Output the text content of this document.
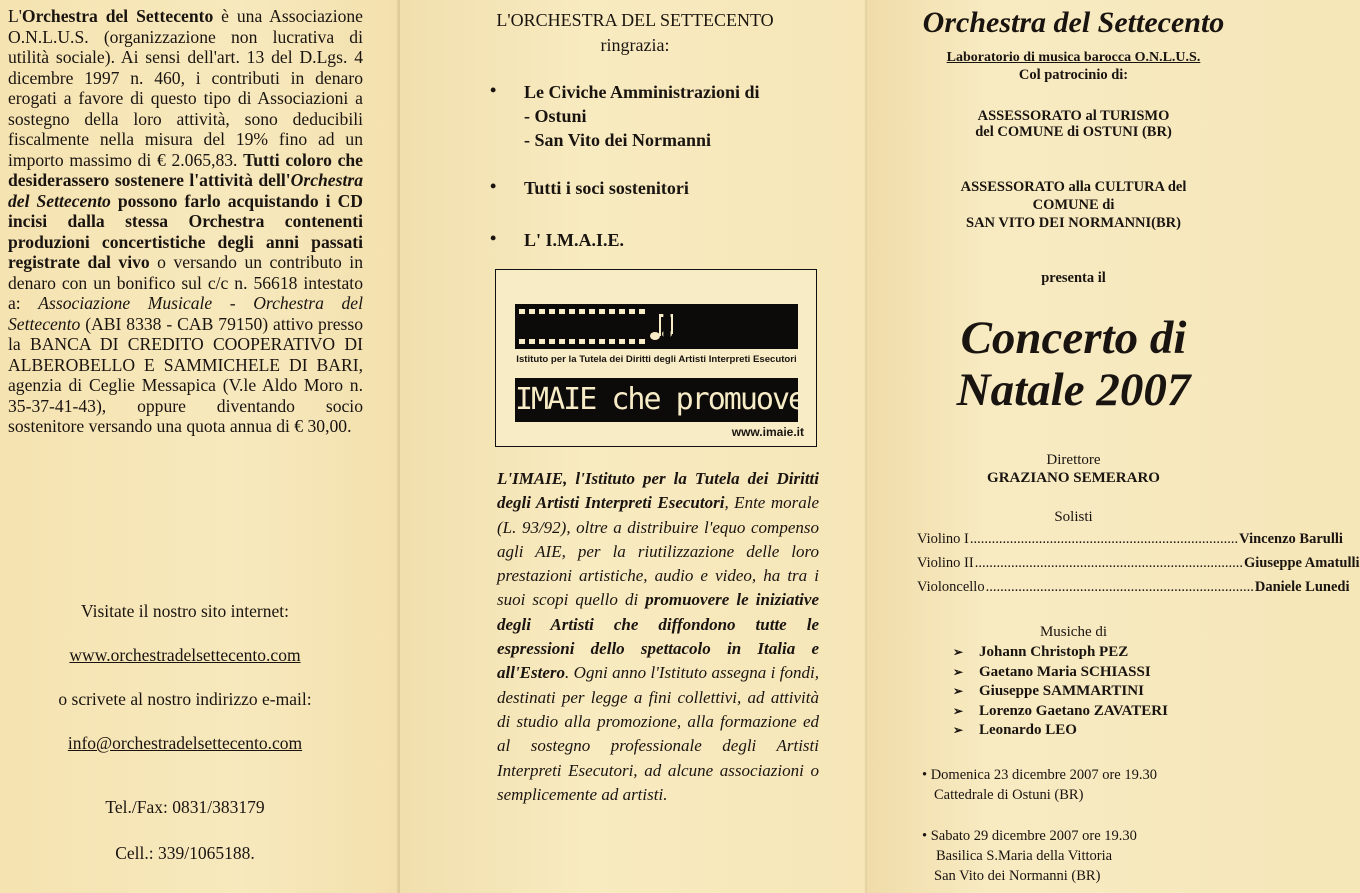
L'Orchestra del Settecento è una Associazione O.N.L.U.S. (organizzazione non lucrativa di utilità sociale). Ai sensi dell'art. 13 del D.Lgs. 4 dicembre 1997 n. 460, i contributi in denaro erogati a favore di questo tipo di Associazioni a sostegno della loro attività, sono deducibili fiscalmente nella misura del 19% fino ad un importo massimo di € 2.065,83. Tutti coloro che desiderassero sostenere l'attività dell'Orchestra del Settecento possono farlo acquistando i CD incisi dalla stessa Orchestra contenenti produzioni concertistiche degli anni passati registrate dal vivo o versando un contributo in denaro con un bonifico sul c/c n. 56618 intestato a: Associazione Musicale - Orchestra del Settecento (ABI 8338 - CAB 79150) attivo presso la BANCA DI CREDITO COOPERATIVO DI ALBEROBELLO E SAMMICHELE DI BARI, agenzia di Ceglie Messapica (V.le Aldo Moro n. 35-37-41-43), oppure diventando socio sostenitore versando una quota annua di € 30,00.
Visitate il nostro sito internet:
www.orchestradelsettecento.com
o scrivete al nostro indirizzo e-mail:
info@orchestradelsettecento.com
Tel./Fax: 0831/383179
Cell.: 339/1065188.
L'ORCHESTRA DEL SETTECENTO
ringrazia:
• Le Civiche Amministrazioni di
- Ostuni
- San Vito dei Normanni
• Tutti i soci sostenitori
• L' I.M.A.I.E.
IMAIE
Istituto per la Tutela dei Diritti degli Artisti Interpreti Esecutori
IMAIE che promuove
www.imaie.it
L'IMAIE, l'Istituto per la Tutela dei Diritti degli Artisti Interpreti Esecutori, Ente morale (L. 93/92), oltre a distribuire l'equo compenso agli AIE, per la riutilizzazione delle loro prestazioni artistiche, audio e video, ha tra i suoi scopi quello di promuovere le iniziative degli Artisti che diffondono tutte le espressioni dello spettacolo in Italia e all'Estero. Ogni anno l'Istituto assegna i fondi, destinati per legge a fini collettivi, ad attività di studio alla promozione, alla formazione ed al sostegno professionale degli Artisti Interpreti Esecutori, ad alcune associazioni o semplicemente ad artisti.
Orchestra del Settecento
Laboratorio di musica barocca O.N.L.U.S.
Col patrocinio di:
ASSESSORATO al TURISMO
del COMUNE di OSTUNI (BR)
ASSESSORATO alla CULTURA del
COMUNE di
SAN VITO DEI NORMANNI(BR)
presenta il
Concerto di
Natale 2007
Direttore
GRAZIANO SEMERARO
Solisti
Violino I .......................................................................... Vincenzo Barulli
Violino II .......................................................................... Giuseppe Amatulli
Violoncello .......................................................................... Daniele Lunedi
Musiche di
➢ Johann Christoph PEZ
➢ Gaetano Maria SCHIASSI
➢ Giuseppe SAMMARTINI
➢ Lorenzo Gaetano ZAVATERI
➢ Leonardo LEO
• Domenica 23 dicembre 2007 ore 19.30
Cattedrale di Ostuni (BR)
• Sabato 29 dicembre 2007 ore 19.30
Basilica S.Maria della Vittoria
San Vito dei Normanni (BR)
